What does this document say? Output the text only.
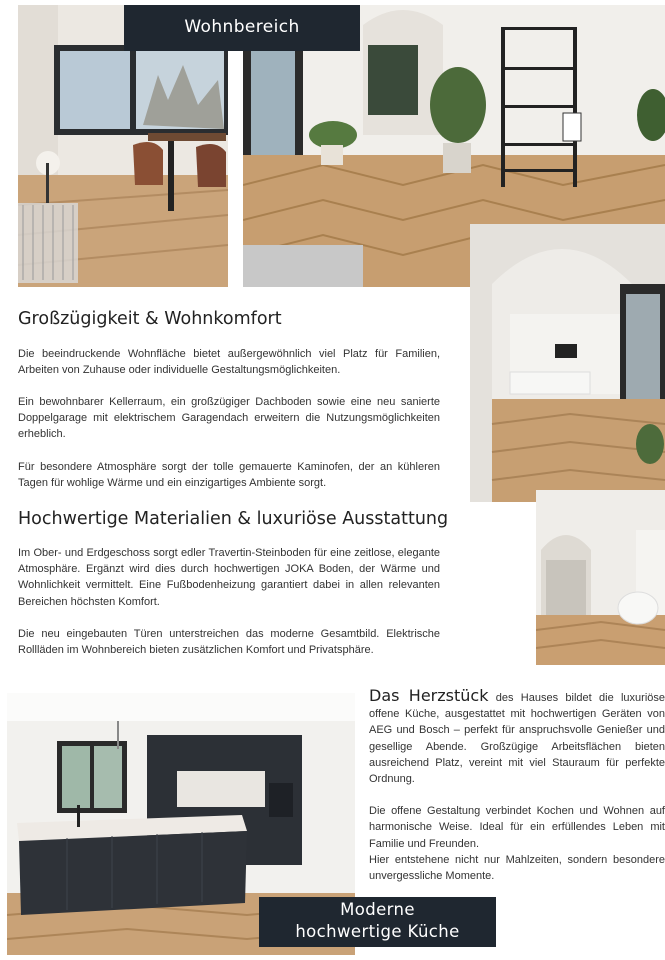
Wohnbereich
Großzügigkeit & Wohnkomfort

Die beeindruckende Wohnfläche bietet außergewöhnlich viel Platz für Familien, Arbeiten von Zuhause oder individuelle Gestaltungsmöglichkeiten.

Ein bewohnbarer Kellerraum, ein großzügiger Dachboden sowie eine neu sanierte Doppelgarage mit elektrischem Garagendach erweitern die Nutzungsmöglichkeiten erheblich.

Für besondere Atmosphäre sorgt der tolle gemauerte Kaminofen, der an kühleren Tagen für wohlige Wärme und ein einzigartiges Ambiente sorgt.

Hochwertige Materialien & luxuriöse Ausstattung

Im Ober- und Erdgeschoss sorgt edler Travertin-Steinboden für eine zeitlose, elegante Atmosphäre. Ergänzt wird dies durch hochwertigen JOKA Boden, der Wärme und Wohnlichkeit vermittelt. Eine Fußbodenheizung garantiert dabei in allen relevanten Bereichen höchsten Komfort.

Die neu eingebauten Türen unterstreichen das moderne Gesamtbild. Elektrische Rollläden im Wohnbereich bieten zusätzlichen Komfort und Privatsphäre.

Das Herzstück des Hauses bildet die luxuriöse offene Küche, ausgestattet mit hochwertigen Geräten von AEG und Bosch – perfekt für anspruchsvolle Genießer und gesellige Abende. Großzügige Arbeitsflächen bieten ausreichend Platz, vereint mit viel Stauraum für perfekte Ordnung.

Die offene Gestaltung verbindet Kochen und Wohnen auf harmonische Weise. Ideal für ein erfüllendes Leben mit Familie und Freunden.

Hier entstehene nicht nur Mahlzeiten, sondern besondere unvergessliche Momente.

Moderne
hochwertige Küche
